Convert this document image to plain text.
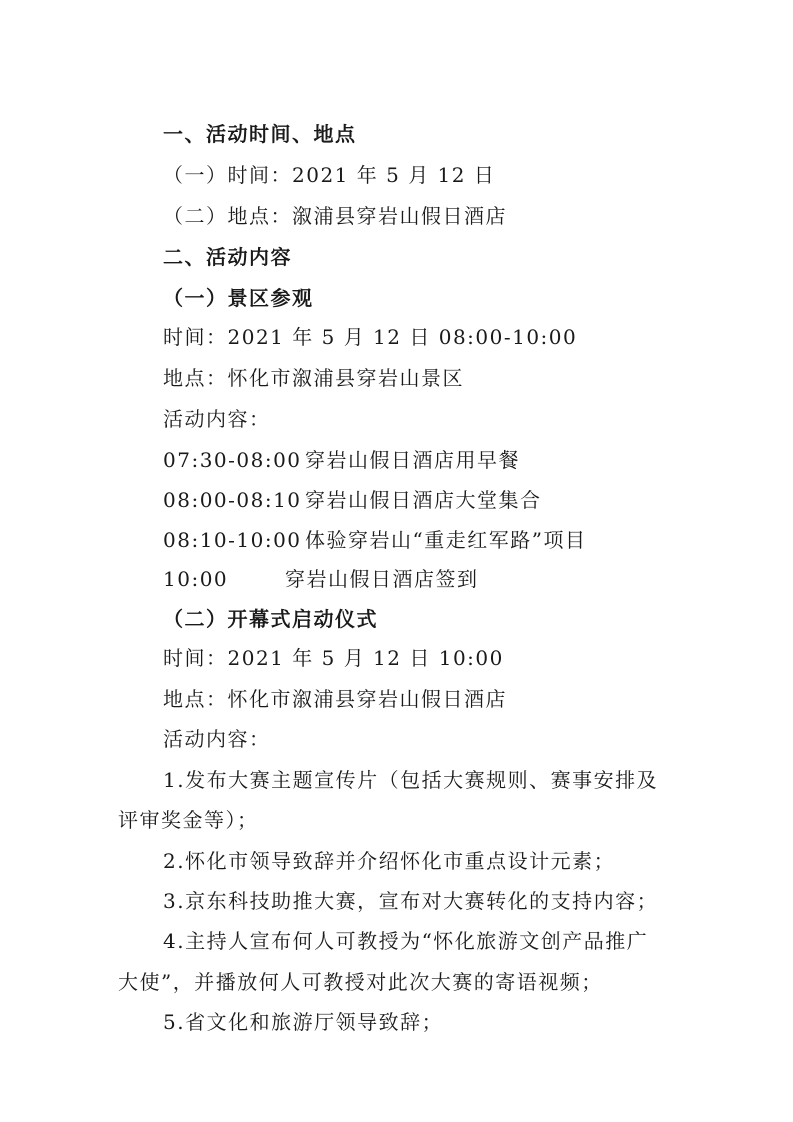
一、活动时间、地点
（一）时间：2021 年 5 月 12 日
（二）地点：溆浦县穿岩山假日酒店
二、活动内容
（一）景区参观
时间：2021 年 5 月 12 日 08:00-10:00
地点：怀化市溆浦县穿岩山景区
活动内容：
07:30-08:00 穿岩山假日酒店用早餐
08:00-08:10 穿岩山假日酒店大堂集合
08:10-10:00 体验穿岩山“重走红军路”项目
10:00	穿岩山假日酒店签到
（二）开幕式启动仪式
时间：2021 年 5 月 12 日 10:00
地点：怀化市溆浦县穿岩山假日酒店
活动内容：
1.发布大赛主题宣传片（包括大赛规则、赛事安排及
评审奖金等）；
2.怀化市领导致辞并介绍怀化市重点设计元素；
3.京东科技助推大赛，宣布对大赛转化的支持内容；
4.主持人宣布何人可教授为“怀化旅游文创产品推广
大使”，并播放何人可教授对此次大赛的寄语视频；
5.省文化和旅游厅领导致辞；
